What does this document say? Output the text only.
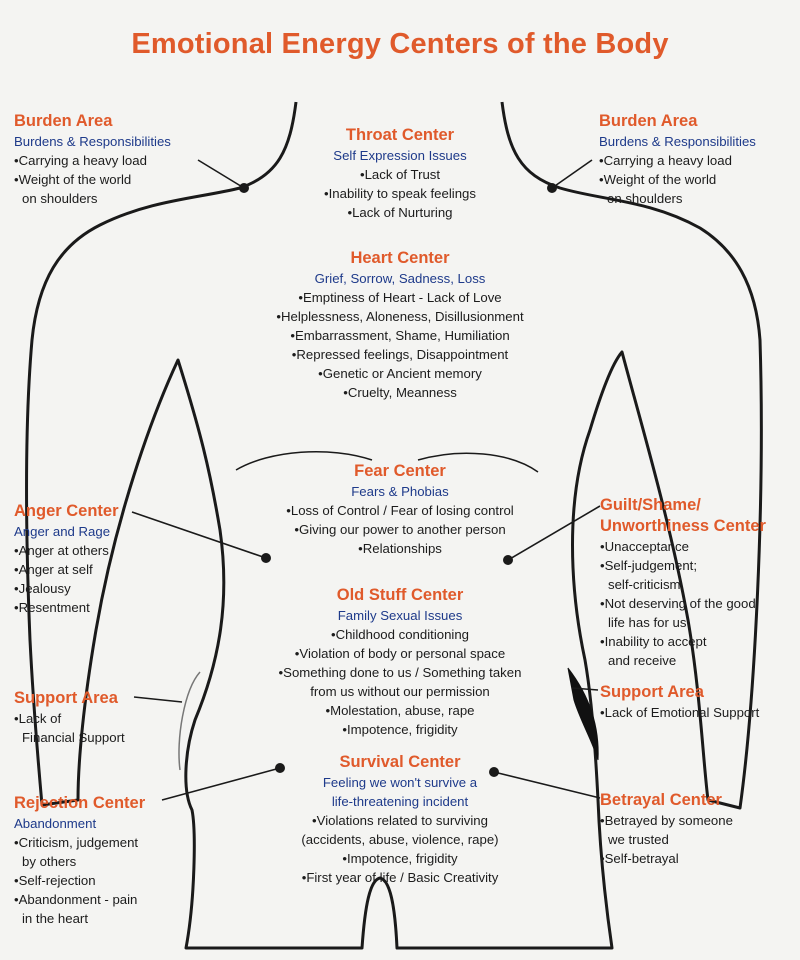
Emotional Energy Centers of the Body
Burden Area
Burdens & Responsibilities
• Carrying a heavy load
• Weight of the world
on shoulders
Burden Area
Burdens & Responsibilities
• Carrying a heavy load
• Weight of the world
on shoulders
Throat Center
Self Expression Issues
• Lack of Trust
• Inability to speak feelings
• Lack of Nurturing
Heart Center
Grief, Sorrow, Sadness, Loss
• Emptiness of Heart - Lack of Love
• Helplessness, Aloneness, Disillusionment
• Embarrassment, Shame, Humiliation
• Repressed feelings, Disappointment
• Genetic or Ancient memory
• Cruelty, Meanness
Fear Center
Fears & Phobias
• Loss of Control / Fear of losing control
• Giving our power to another person
• Relationships
Anger Center
Anger and Rage
• Anger at others
• Anger at self
• Jealousy
• Resentment
Guilt/Shame/
Unworthiness Center
• Unacceptance
• Self-judgement;
self-criticism
• Not deserving of the good
life has for us
• Inability to accept
and receive
Old Stuff Center
Family Sexual Issues
• Childhood conditioning
• Violation of body or personal space
• Something done to us / Something taken
from us without our permission
• Molestation, abuse, rape
• Impotence, frigidity
Support Area
• Lack of
Financial Support
Support Area
• Lack of Emotional Support
Survival Center
Feeling we won't survive a
life-threatening incident
• Violations related to surviving
(accidents, abuse, violence, rape)
• Impotence, frigidity
• First year of life / Basic Creativity
Rejection Center
Abandonment
• Criticism, judgement
by others
• Self-rejection
• Abandonment - pain
in the heart
Betrayal Center
• Betrayed by someone
we trusted
• Self-betrayal
